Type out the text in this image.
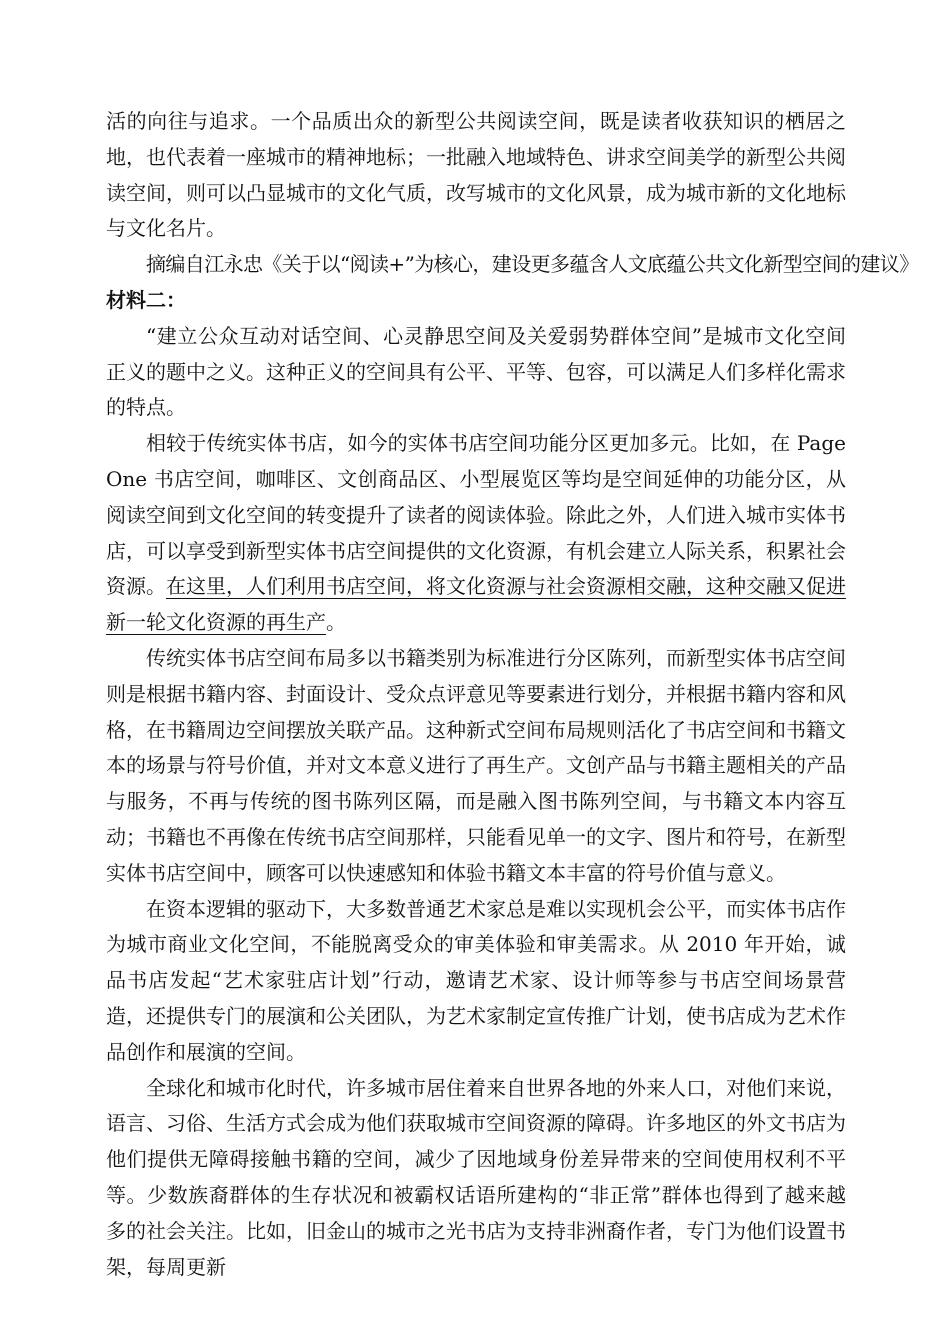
活的向往与追求。一个品质出众的新型公共阅读空间，既是读者收获知识的栖居之地，也代表着一座城市的精神地标；一批融入地域特色、讲求空间美学的新型公共阅读空间，则可以凸显城市的文化气质，改写城市的文化风景，成为城市新的文化地标与文化名片。

摘编自江永忠《关于以“阅读+”为核心，建设更多蕴含人文底蕴公共文化新型空间的建议》

材料二：

“建立公众互动对话空间、心灵静思空间及关爱弱势群体空间”是城市文化空间正义的题中之义。这种正义的空间具有公平、平等、包容，可以满足人们多样化需求的特点。

相较于传统实体书店，如今的实体书店空间功能分区更加多元。比如，在 PageOne 书店空间，咖啡区、文创商品区、小型展览区等均是空间延伸的功能分区，从阅读空间到文化空间的转变提升了读者的阅读体验。除此之外，人们进入城市实体书店，可以享受到新型实体书店空间提供的文化资源，有机会建立人际关系，积累社会资源。在这里，人们利用书店空间，将文化资源与社会资源相交融，这种交融又促进新一轮文化资源的再生产。

传统实体书店空间布局多以书籍类别为标准进行分区陈列，而新型实体书店空间则是根据书籍内容、封面设计、受众点评意见等要素进行划分，并根据书籍内容和风格，在书籍周边空间摆放关联产品。这种新式空间布局规则活化了书店空间和书籍文本的场景与符号价值，并对文本意义进行了再生产。文创产品与书籍主题相关的产品与服务，不再与传统的图书陈列区隔，而是融入图书陈列空间，与书籍文本内容互动；书籍也不再像在传统书店空间那样，只能看见单一的文字、图片和符号，在新型实体书店空间中，顾客可以快速感知和体验书籍文本丰富的符号价值与意义。

在资本逻辑的驱动下，大多数普通艺术家总是难以实现机会公平，而实体书店作为城市商业文化空间，不能脱离受众的审美体验和审美需求。从 2010 年开始，诚品书店发起“艺术家驻店计划”行动，邀请艺术家、设计师等参与书店空间场景营造，还提供专门的展演和公关团队，为艺术家制定宣传推广计划，使书店成为艺术作品创作和展演的空间。

全球化和城市化时代，许多城市居住着来自世界各地的外来人口，对他们来说，语言、习俗、生活方式会成为他们获取城市空间资源的障碍。许多地区的外文书店为他们提供无障碍接触书籍的空间，减少了因地域身份差异带来的空间使用权利不平等。少数族裔群体的生存状况和被霸权话语所建构的“非正常”群体也得到了越来越多的社会关注。比如，旧金山的城市之光书店为支持非洲裔作者，专门为他们设置书架，每周更新
